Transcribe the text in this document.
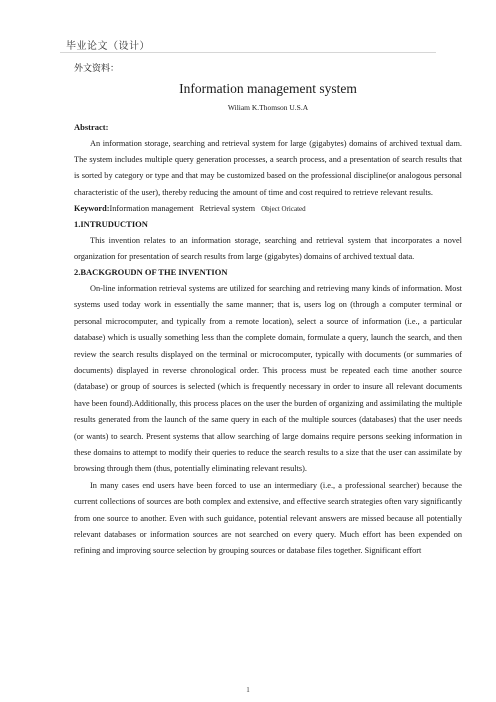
毕业论文（设计）

外文资料：

Information management system

Wiliam K.Thomson U.S.A

Abstract:

An information storage, searching and retrieval system for large (gigabytes) domains of archived textual dam. The system includes multiple query generation processes, a search process, and a presentation of search results that is sorted by category or type and that may be customized based on the professional discipline(or analogous personal characteristic of the user), thereby reducing the amount of time and cost required to retrieve relevant results.

Keyword:Information management Retrieval system Object Oricated

1.INTRUDUCTION

This invention relates to an information storage, searching and retrieval system that incorporates a novel organization for presentation of search results from large (gigabytes) domains of archived textual data.

2.BACKGROUDN OF THE INVENTION

On-line information retrieval systems are utilized for searching and retrieving many kinds of information. Most systems used today work in essentially the same manner; that is, users log on (through a computer terminal or personal microcomputer, and typically from a remote location), select a source of information (i.e., a particular database) which is usually something less than the complete domain, formulate a query, launch the search, and then review the search results displayed on the terminal or microcomputer, typically with documents (or summaries of documents) displayed in reverse chronological order. This process must be repeated each time another source (database) or group of sources is selected (which is frequently necessary in order to insure all relevant documents have been found).Additionally, this process places on the user the burden of organizing and assimilating the multiple results generated from the launch of the same query in each of the multiple sources (databases) that the user needs (or wants) to search. Present systems that allow searching of large domains require persons seeking information in these domains to attempt to modify their queries to reduce the search results to a size that the user can assimilate by browsing through them (thus, potentially eliminating relevant results).

In many cases end users have been forced to use an intermediary (i.e., a professional searcher) because the current collections of sources are both complex and extensive, and effective search strategies often vary significantly from one source to another. Even with such guidance, potential relevant answers are missed because all potentially relevant databases or information sources are not searched on every query. Much effort has been expended on refining and improving source selection by grouping sources or database files together. Significant effort

1
